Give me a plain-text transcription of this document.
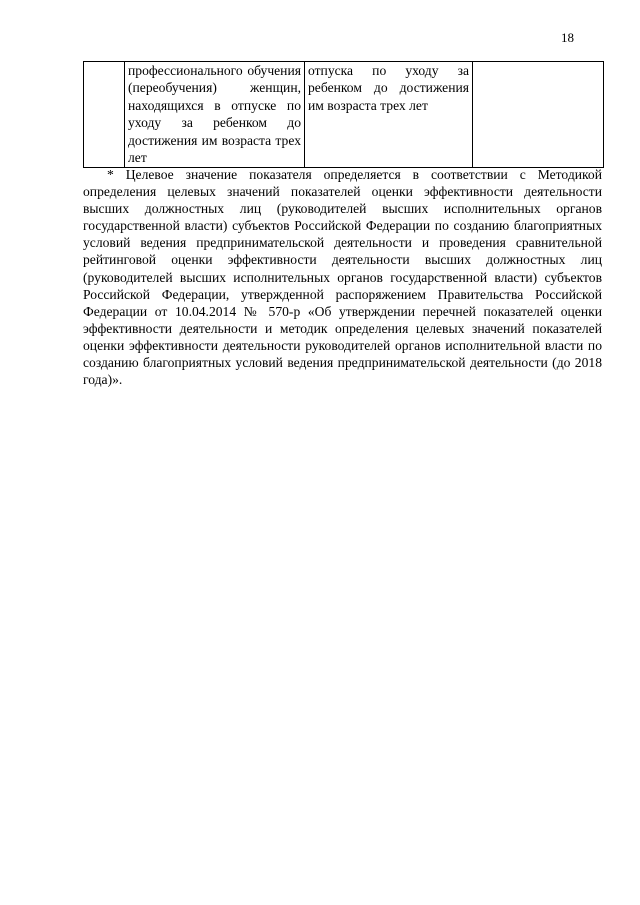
18
	профессионального обучения (переобучения) женщин, находящихся в отпуске по уходу за ребенком до достижения им возраста трех лет	отпуска по уходу за ребенком до достижения им возраста трех лет	

* Целевое значение показателя определяется в соответствии с Методикой определения целевых значений показателей оценки эффективности деятельности высших должностных лиц (руководителей высших исполнительных органов государственной власти) субъектов Российской Федерации по созданию благоприятных условий ведения предпринимательской деятельности и проведения сравнительной рейтинговой оценки эффективности деятельности высших должностных лиц (руководителей высших исполнительных органов государственной власти) субъектов Российской Федерации, утвержденной распоряжением Правительства Российской Федерации от 10.04.2014 № 570-р «Об утверждении перечней показателей оценки эффективности деятельности и методик определения целевых значений показателей оценки эффективности деятельности руководителей органов исполнительной власти по созданию благоприятных условий ведения предпринимательской деятельности (до 2018 года)».
